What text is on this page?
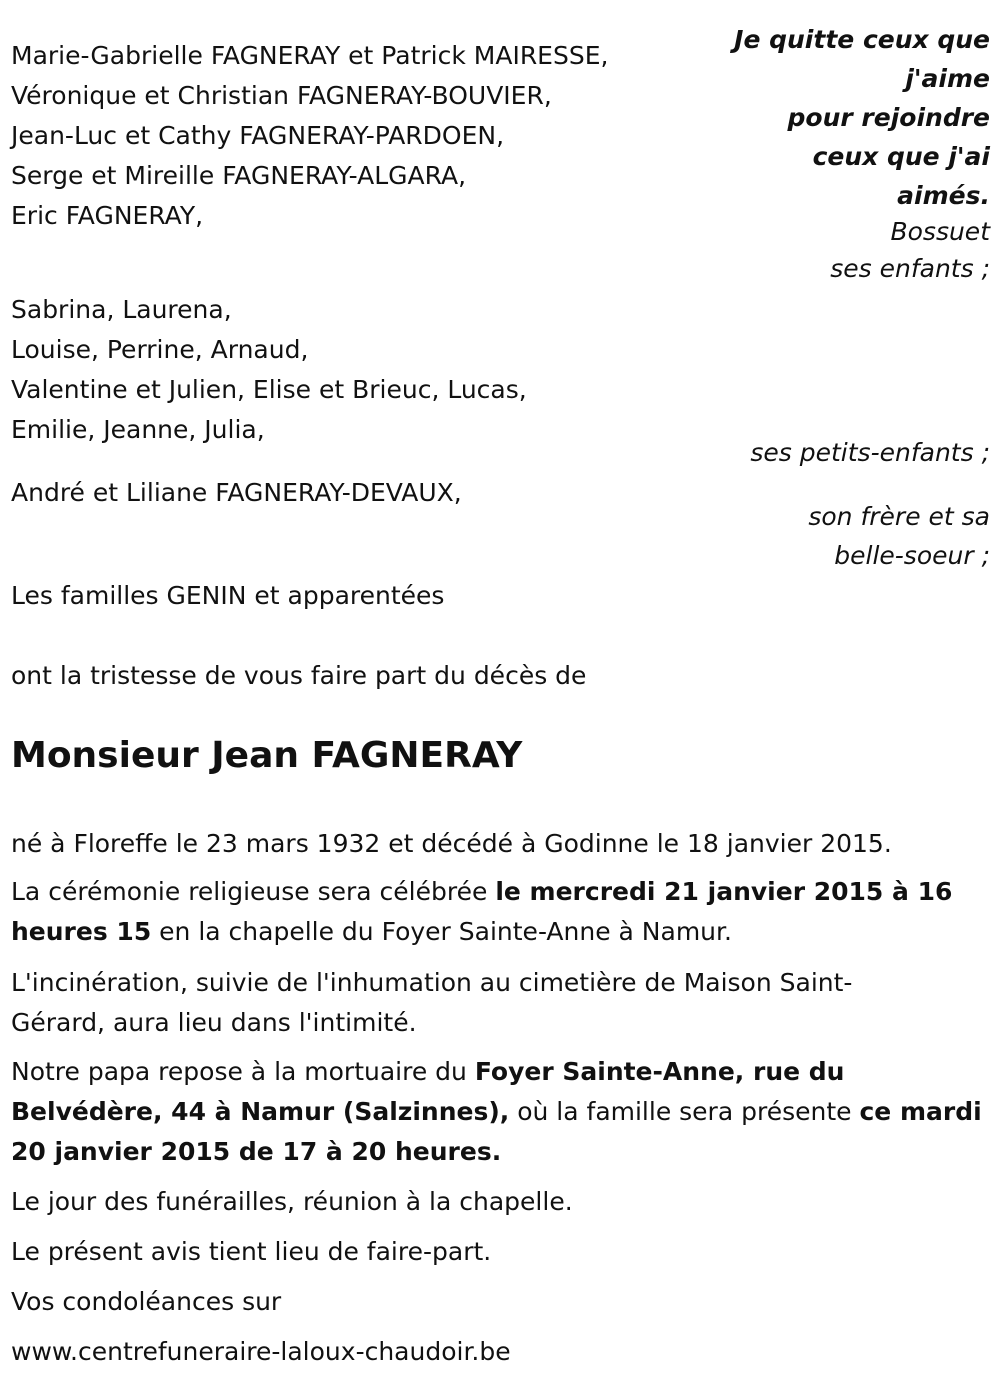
Je quitte ceux que
j'aime
pour rejoindre
ceux que j'ai
aimés.
Bossuet
ses enfants ;
Marie-Gabrielle FAGNERAY et Patrick MAIRESSE,
Véronique et Christian FAGNERAY-BOUVIER,
Jean-Luc et Cathy FAGNERAY-PARDOEN,
Serge et Mireille FAGNERAY-ALGARA,
Eric FAGNERAY,
Sabrina, Laurena,
Louise, Perrine, Arnaud,
Valentine et Julien, Elise et Brieuc, Lucas,
Emilie, Jeanne, Julia,
ses petits-enfants ;
André et Liliane FAGNERAY-DEVAUX,
son frère et sa
belle-soeur ;
Les familles GENIN et apparentées
ont la tristesse de vous faire part du décès de
Monsieur Jean FAGNERAY
né à Floreffe le 23 mars 1932 et décédé à Godinne le 18 janvier 2015.
La cérémonie religieuse sera célébrée le mercredi 21 janvier 2015 à 16 heures 15 en la chapelle du Foyer Sainte-Anne à Namur.
L'incinération, suivie de l'inhumation au cimetière de Maison Saint-Gérard, aura lieu dans l'intimité.
Notre papa repose à la mortuaire du Foyer Sainte-Anne, rue du Belvédère, 44 à Namur (Salzinnes), où la famille sera présente ce mardi 20 janvier 2015 de 17 à 20 heures.
Le jour des funérailles, réunion à la chapelle.
Le présent avis tient lieu de faire-part.
Vos condoléances sur
www.centrefuneraire-laloux-chaudoir.be
